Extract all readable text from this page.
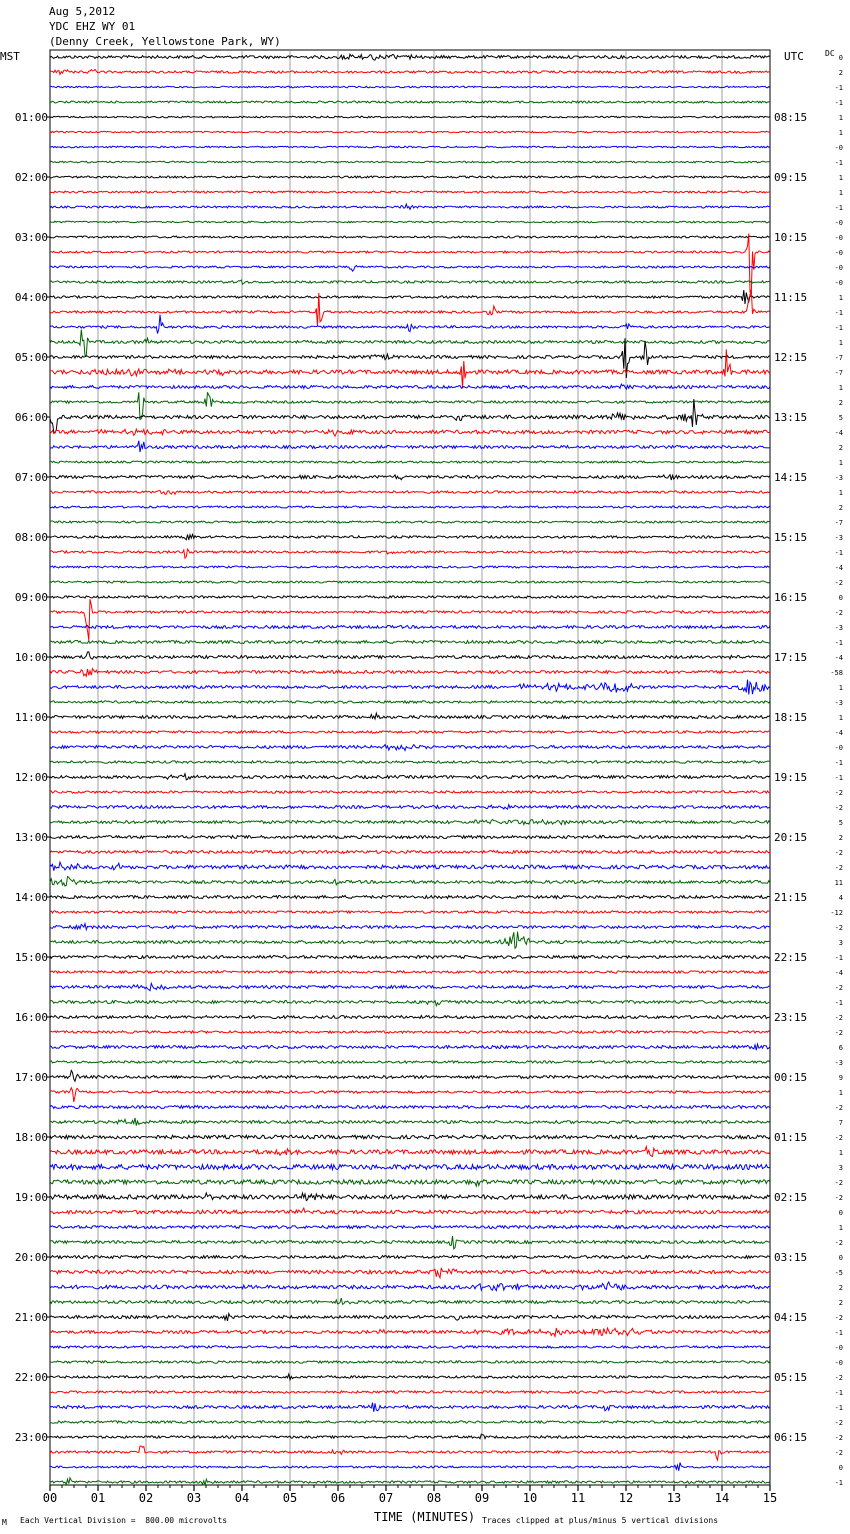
Aug 5,2012
YDC EHZ WY 01
(Denny Creek, Yellowstone Park, WY)
MST	UTC	DC
01:00
02:00
03:00
04:00
05:00
06:00
07:00
08:00
09:00
10:00
11:00
12:00
13:00
14:00
15:00
16:00
17:00
18:00
19:00
20:00
21:00
22:00
23:00
08:15
09:15
10:15
11:15
12:15
13:15
14:15
15:15
16:15
17:15
18:15
19:15
20:15
21:15
22:15
23:15
00:15
01:15
02:15
03:15
04:15
05:15
06:15
0
2
-1
-1
1
1
-0
-1
1
1
-1
-0
-0
-0
-0
-0
1
-1
-1
1
-7
-7
1
2
5
-4
2
1
-3
1
2
-7
-3
-1
-4
-2
0
-2
-3
-1
-4
-58
1
-3
1
-4
-0
-1
-1
-2
-2
5
2
-2
-2
11
4
-12
-2
3
-1
-4
-2
-1
-2
-2
6
-3
9
1
-2
7
-2
1
3
-2
-2
0
1
-2
0
-5
2
2
-2
-1
-0
-0
-2
-1
-1
-2
-2
-2
0
-1
00	01	02	03	04	05	06	07	08	09	10	11	12	13	14	15
TIME (MINUTES)
Each Vertical Division =  800.00 microvolts	Traces clipped at plus/minus 5 vertical divisions
M
